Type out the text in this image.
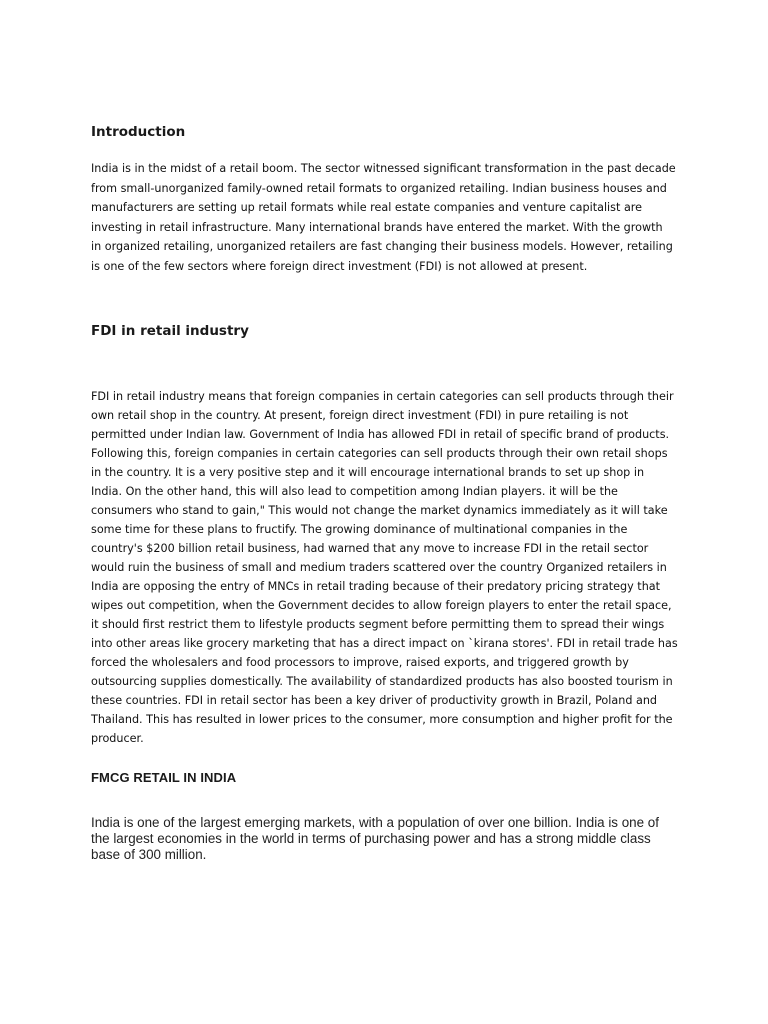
Introduction

India is in the midst of a retail boom. The sector witnessed significant transformation in the past decade
from small-unorganized family-owned retail formats to organized retailing. Indian business houses and
manufacturers are setting up retail formats while real estate companies and venture capitalist are
investing in retail infrastructure. Many international brands have entered the market. With the growth
in organized retailing, unorganized retailers are fast changing their business models. However, retailing
is one of the few sectors where foreign direct investment (FDI) is not allowed at present.

FDI in retail industry

FDI in retail industry means that foreign companies in certain categories can sell products through their
own retail shop in the country. At present, foreign direct investment (FDI) in pure retailing is not
permitted under Indian law. Government of India has allowed FDI in retail of specific brand of products.
Following this, foreign companies in certain categories can sell products through their own retail shops
in the country. It is a very positive step and it will encourage international brands to set up shop in
India. On the other hand, this will also lead to competition among Indian players. it will be the
consumers who stand to gain," This would not change the market dynamics immediately as it will take
some time for these plans to fructify. The growing dominance of multinational companies in the
country's $200 billion retail business, had warned that any move to increase FDI in the retail sector
would ruin the business of small and medium traders scattered over the country Organized retailers in
India are opposing the entry of MNCs in retail trading because of their predatory pricing strategy that
wipes out competition, when the Government decides to allow foreign players to enter the retail space,
it should first restrict them to lifestyle products segment before permitting them to spread their wings
into other areas like grocery marketing that has a direct impact on `kirana stores'. FDI in retail trade has
forced the wholesalers and food processors to improve, raised exports, and triggered growth by
outsourcing supplies domestically. The availability of standardized products has also boosted tourism in
these countries. FDI in retail sector has been a key driver of productivity growth in Brazil, Poland and
Thailand. This has resulted in lower prices to the consumer, more consumption and higher profit for the
producer.

FMCG RETAIL IN INDIA

India is one of the largest emerging markets, with a population of over one billion. India is one of
the largest economies in the world in terms of purchasing power and has a strong middle class
base of 300 million.
